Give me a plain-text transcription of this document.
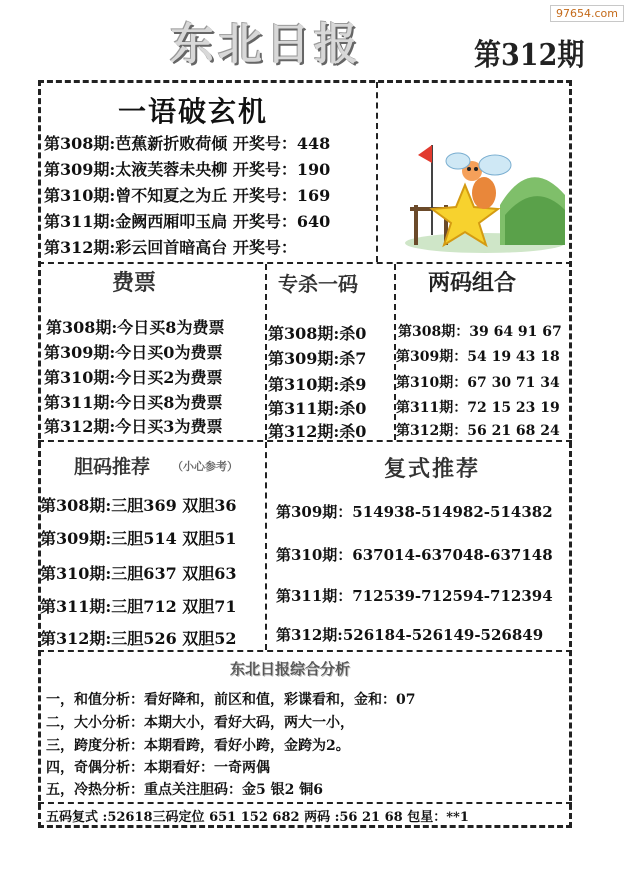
97654.com
东北日报	第312期
一语破玄机
第308期:芭蕉新折败荷倾 开奖号：448
第309期:太液芙蓉未央柳 开奖号：190
第310期:曾不知夏之为丘 开奖号：169
第311期:金阙西厢叩玉扃 开奖号：640
第312期:彩云回首暗高台 开奖号：
费票
第308期:今日买8为费票
第309期:今日买0为费票
第310期:今日买2为费票
第311期:今日买8为费票
第312期:今日买3为费票
专杀一码
第308期:杀0
第309期:杀7
第310期:杀9
第311期:杀0
第312期:杀0
两码组合
第308期：39 64 91 67
第309期：54 19 43 18
第310期：67 30 71 34
第311期：72 15 23 19
第312期：56 21 68 24
胆码推荐 （小心参考）
第308期:三胆369 双胆36
第309期:三胆514 双胆51
第310期:三胆637 双胆63
第311期:三胆712 双胆71
第312期:三胆526 双胆52
复式推荐
第309期：514938-514982-514382
第310期：637014-637048-637148
第311期：712539-712594-712394
第312期:526184-526149-526849
东北日报综合分析
一，和值分析：看好降和，前区和值，彩谍看和，金和：07
二，大小分析：本期大小，看好大码，两大一小，
三，跨度分析：本期看跨，看好小跨，金跨为2。
四，奇偶分析：本期看好：一奇两偶
五，冷热分析：重点关注胆码：金5 银2 铜6
五码复式 :52618三码定位 651 152 682 两码 :56 21 68 包星：**1
